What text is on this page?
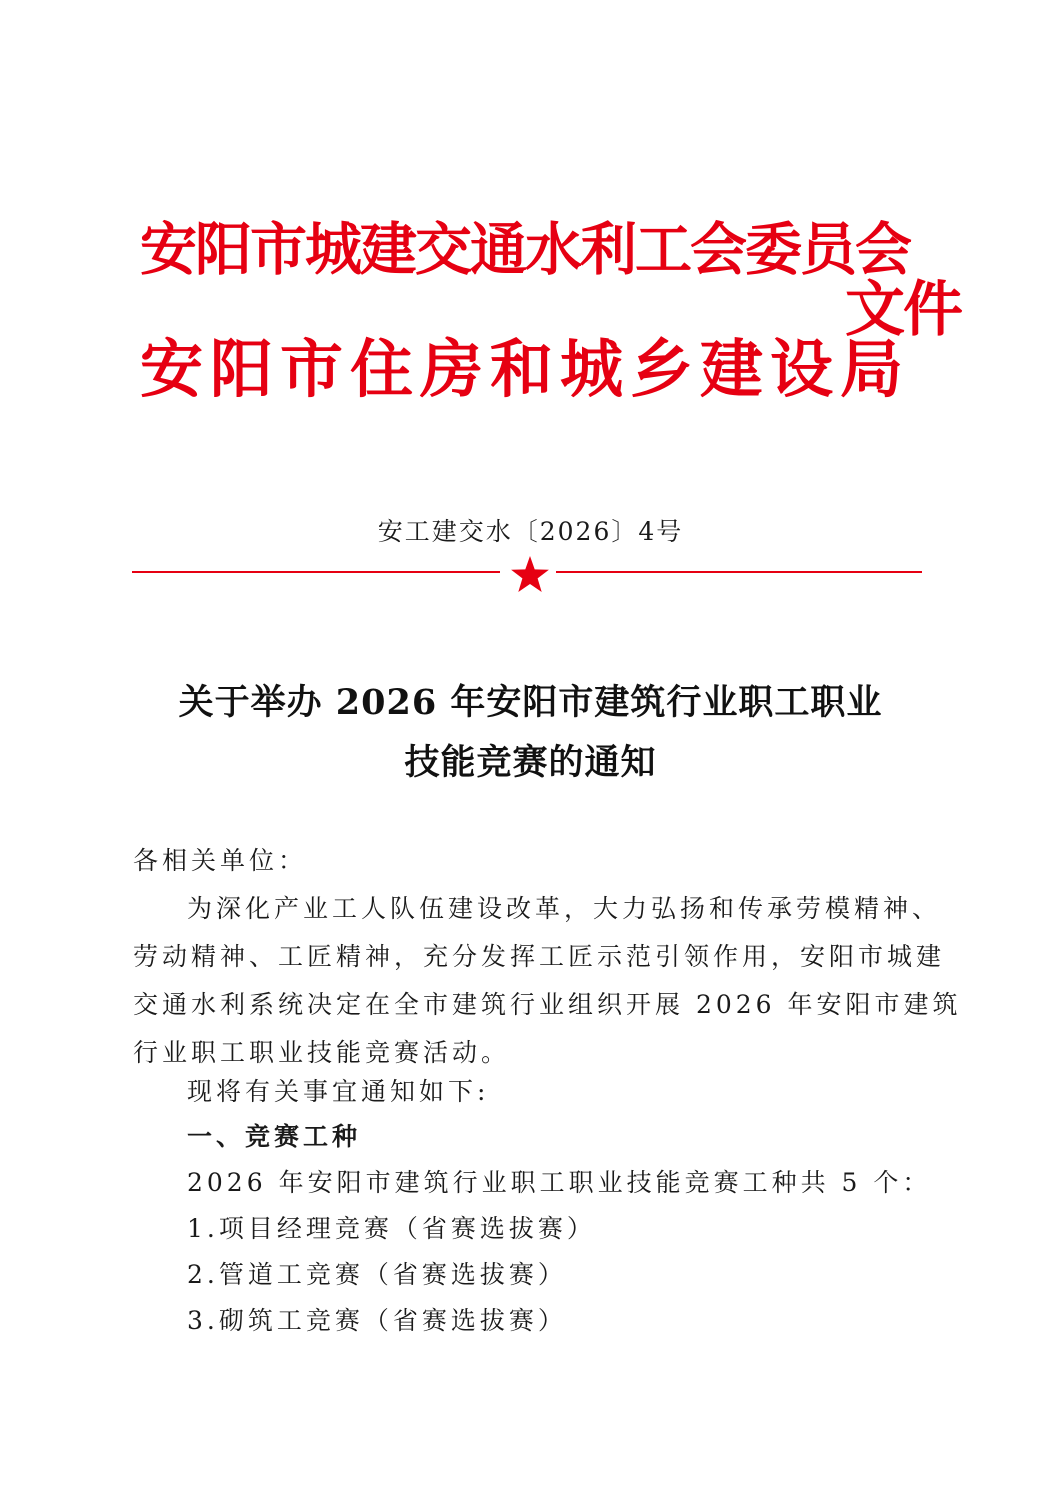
安阳市城建交通水利工会委员会
安阳市住房和城乡建设局
文件
安工建交水〔2026〕4号
关于举办 2026 年安阳市建筑行业职工职业
技能竞赛的通知
各相关单位：
为深化产业工人队伍建设改革，大力弘扬和传承劳模精神、
劳动精神、工匠精神，充分发挥工匠示范引领作用，安阳市城建
交通水利系统决定在全市建筑行业组织开展 2026 年安阳市建筑
行业职工职业技能竞赛活动。
现将有关事宜通知如下:
一、竞赛工种
2026 年安阳市建筑行业职工职业技能竞赛工种共 5 个：
1.项目经理竞赛（省赛选拔赛）
2.管道工竞赛（省赛选拔赛）
3.砌筑工竞赛（省赛选拔赛）
